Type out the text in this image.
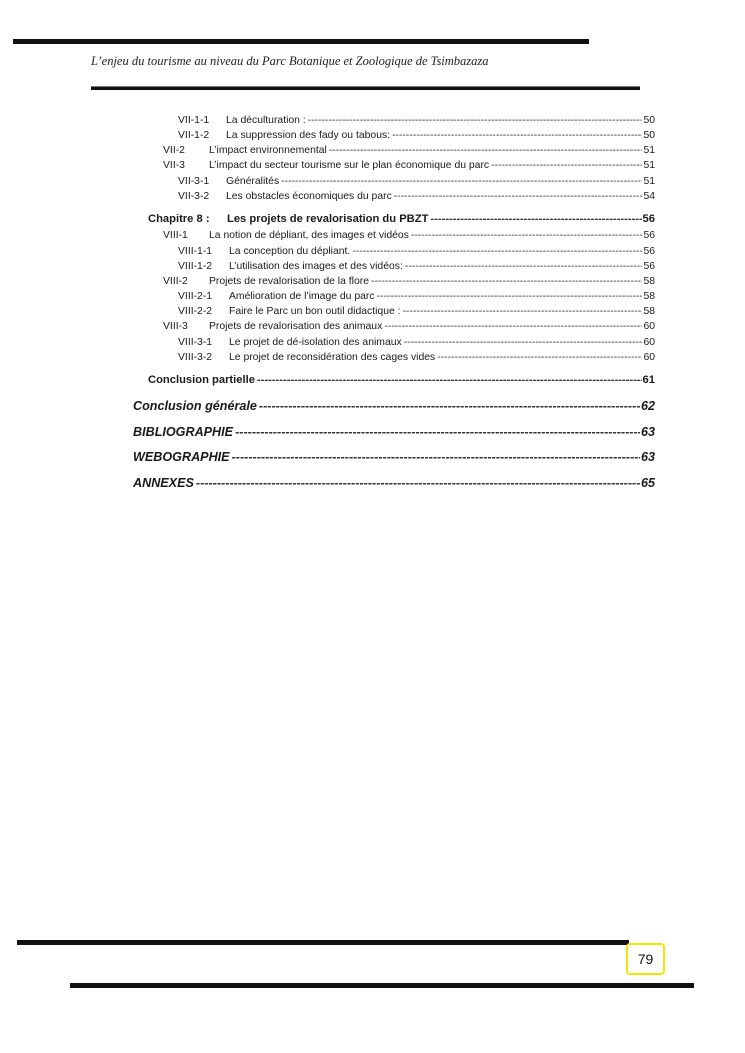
L’enjeu du tourisme au niveau du Parc Botanique et Zoologique de Tsimbazaza
VII-1-1	La déculturation : -----	50
VII-1-2	La suppression des fady ou tabous: -----	50
VII-2	L’impact environnemental -----	51
VII-3	L’impact du secteur tourisme sur le plan économique du parc -----	51
VII-3-1	Généralités -----	51
VII-3-2	Les obstacles économiques du parc -----	54
Chapitre 8 :	Les projets de revalorisation du PBZT -----	56
VIII-1	La notion de dépliant, des images et vidéos -----	56
VIII-1-1	La conception du dépliant. -----	56
VIII-1-2	L’utilisation des images et des vidéos: -----	56
VIII-2	Projets de revalorisation de la flore -----	58
VIII-2-1	Amélioration de l’image du parc -----	58
VIII-2-2	Faire le Parc un bon outil didactique : -----	58
VIII-3	Projets de revalorisation des animaux -----	60
VIII-3-1	Le projet de dé-isolation des animaux -----	60
VIII-3-2	Le projet de reconsidération des cages vides -----	60
Conclusion partielle -----	61
Conclusion générale -----	62
BIBLIOGRAPHIE -----	63
WEBOGRAPHIE -----	63
ANNEXES -----	65
79
